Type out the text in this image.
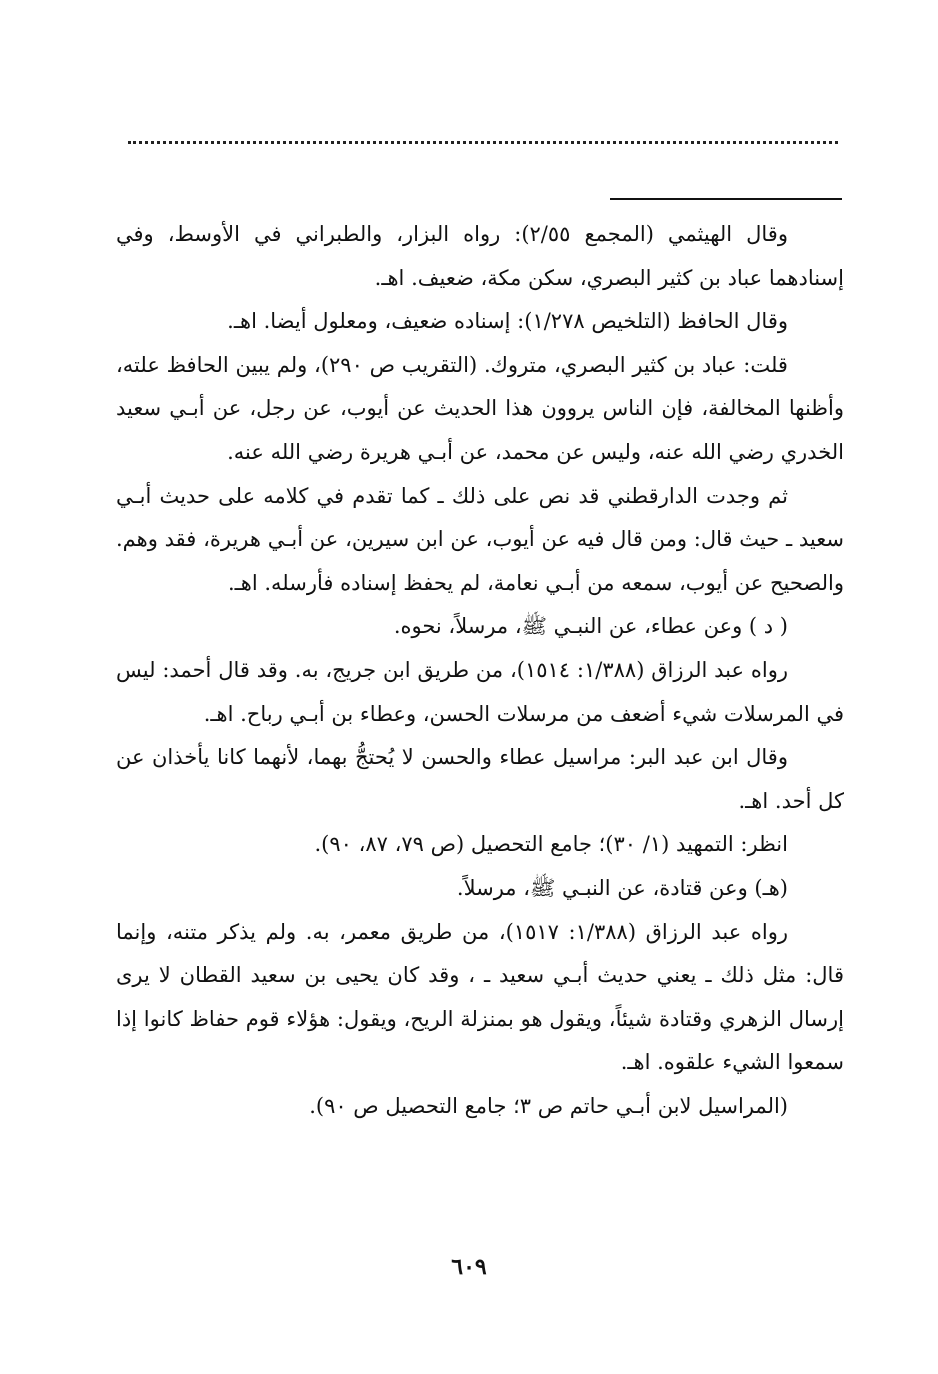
وقال الهيثمي (المجمع ٢/٥٥): رواه البزار، والطبراني في الأوسط، وفي إسنادهما عباد بن كثير البصري، سكن مكة، ضعيف. اهـ.

وقال الحافظ (التلخيص ١/٢٧٨): إسناده ضعيف، ومعلول أيضا. اهـ.

قلت: عباد بن كثير البصري، متروك. (التقريب ص ٢٩٠)، ولم يبين الحافظ علته، وأظنها المخالفة، فإن الناس يروون هذا الحديث عن أيوب، عن رجل، عن أبـي سعيد الخدري رضي الله عنه، وليس عن محمد، عن أبـي هريرة رضي الله عنه.

ثم وجدت الدارقطني قد نص على ذلك ـ كما تقدم في كلامه على حديث أبـي سعيد ـ حيث قال: ومن قال فيه عن أيوب، عن ابن سيرين، عن أبـي هريرة، فقد وهم. والصحيح عن أيوب، سمعه من أبـي نعامة، لم يحفظ إسناده فأرسله. اهـ.

( د ) وعن عطاء، عن النبـي ﷺ، مرسلاً، نحوه.

رواه عبد الرزاق (١/٣٨٨: ١٥١٤)، من طريق ابن جريج، به. وقد قال أحمد: ليس في المرسلات شيء أضعف من مرسلات الحسن، وعطاء بن أبـي رباح. اهـ.

وقال ابن عبد البر: مراسيل عطاء والحسن لا يُحتجُّ بهما، لأنهما كانا يأخذان عن كل أحد. اهـ.

انظر: التمهيد (١/ ٣٠)؛ جامع التحصيل (ص ٧٩، ٨٧، ٩٠).

(هـ) وعن قتادة، عن النبـي ﷺ، مرسلاً.

رواه عبد الرزاق (١/٣٨٨: ١٥١٧)، من طريق معمر، به. ولم يذكر متنه، وإنما قال: مثل ذلك ـ يعني حديث أبـي سعيد ـ ، وقد كان يحيى بن سعيد القطان لا يرى إرسال الزهري وقتادة شيئاً، ويقول هو بمنزلة الريح، ويقول: هؤلاء قوم حفاظ كانوا إذا سمعوا الشيء علقوه. اهـ.

(المراسيل لابن أبـي حاتم ص ٣؛ جامع التحصيل ص ٩٠).

٦٠٩
